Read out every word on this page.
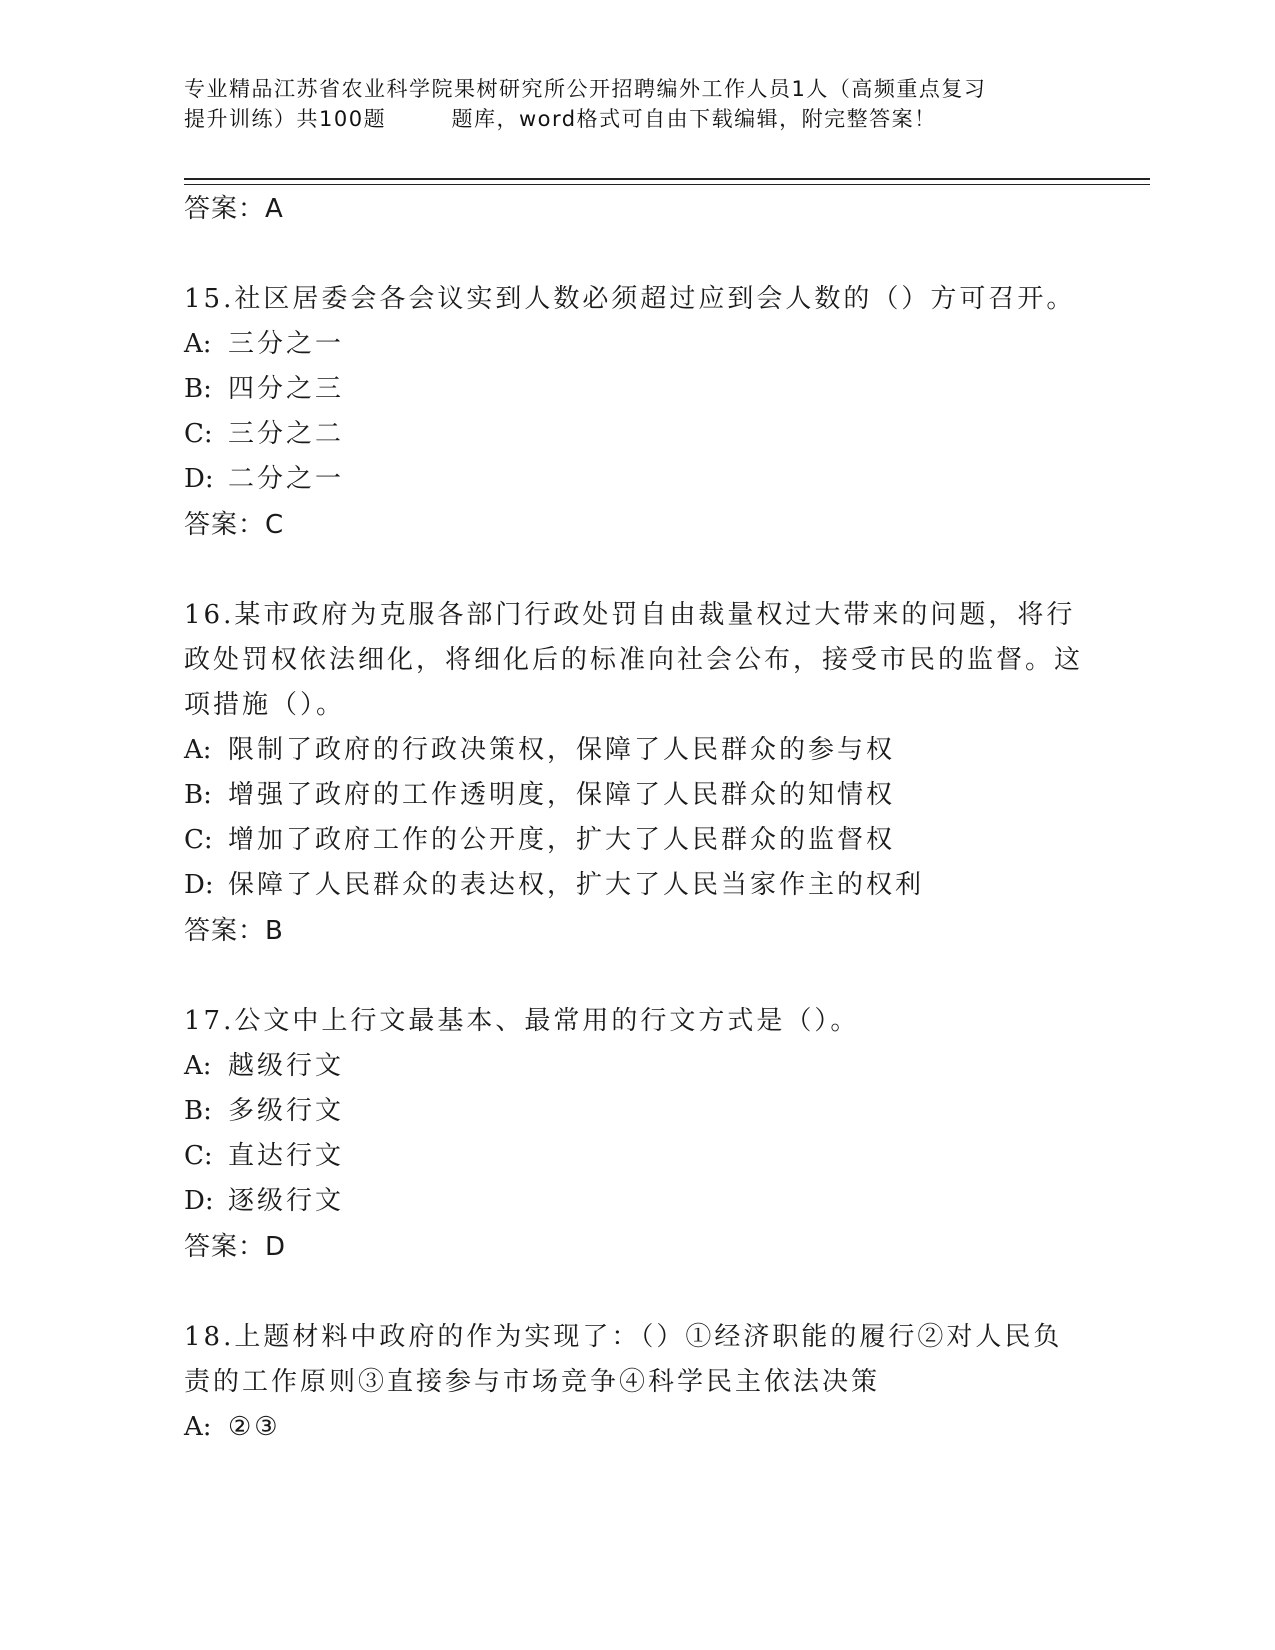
专业精品江苏省农业科学院果树研究所公开招聘编外工作人员1人（高频重点复习
提升训练）共100题        题库，word格式可自由下载编辑，附完整答案！
答案：A
15.社区居委会各会议实到人数必须超过应到会人数的（）方可召开。
A: 三分之一
B: 四分之三
C: 三分之二
D: 二分之一
答案：C
16.某市政府为克服各部门行政处罚自由裁量权过大带来的问题，将行政处罚权依法细化，将细化后的标准向社会公布，接受市民的监督。这项措施（）。
A: 限制了政府的行政决策权，保障了人民群众的参与权
B: 增强了政府的工作透明度，保障了人民群众的知情权
C: 增加了政府工作的公开度，扩大了人民群众的监督权
D: 保障了人民群众的表达权，扩大了人民当家作主的权利
答案：B
17.公文中上行文最基本、最常用的行文方式是（）。
A: 越级行文
B: 多级行文
C: 直达行文
D: 逐级行文
答案：D
18.上题材料中政府的作为实现了：（）①经济职能的履行②对人民负责的工作原则③直接参与市场竞争④科学民主依法决策
A: ②③
